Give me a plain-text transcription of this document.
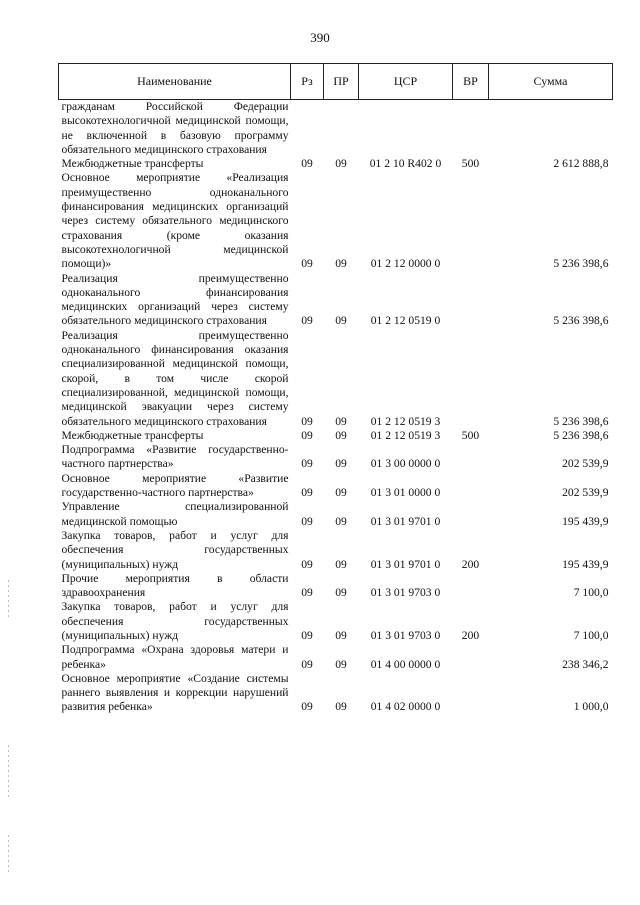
390
Наименование	Рз	ПР	ЦСР	ВР	Сумма
гражданам Российской Федерации высокотехнологичной медицинской помощи, не включенной в базовую программу обязательного медицинского страхования					
Межбюджетные трансферты	09	09	01 2 10 R402 0	500	2 612 888,8
Основное мероприятие «Реализация преимущественно одноканального финансирования медицинских организаций через систему обязательного медицинского страхования (кроме оказания высокотехнологичной медицинской помощи)»	09	09	01 2 12 0000 0		5 236 398,6
Реализация преимущественно одноканального финансирования медицинских организаций через систему обязательного медицинского страхования	09	09	01 2 12 0519 0		5 236 398,6
Реализация преимущественно одноканального финансирования оказания специализированной медицинской помощи, скорой, в том числе скорой специализированной, медицинской помощи, медицинской эвакуации через систему обязательного медицинского страхования	09	09	01 2 12 0519 3		5 236 398,6
Межбюджетные трансферты	09	09	01 2 12 0519 3	500	5 236 398,6
Подпрограмма «Развитие государственно-частного партнерства»	09	09	01 3 00 0000 0		202 539,9
Основное мероприятие «Развитие государственно-частного партнерства»	09	09	01 3 01 0000 0		202 539,9
Управление специализированной медицинской помощью	09	09	01 3 01 9701 0		195 439,9
Закупка товаров, работ и услуг для обеспечения государственных (муниципальных) нужд	09	09	01 3 01 9701 0	200	195 439,9
Прочие мероприятия в области здравоохранения	09	09	01 3 01 9703 0		7 100,0
Закупка товаров, работ и услуг для обеспечения государственных (муниципальных) нужд	09	09	01 3 01 9703 0	200	7 100,0
Подпрограмма «Охрана здоровья матери и ребенка»	09	09	01 4 00 0000 0		238 346,2
Основное мероприятие «Создание системы раннего выявления и коррекции нарушений развития ребенка»	09	09	01 4 02 0000 0		1 000,0
